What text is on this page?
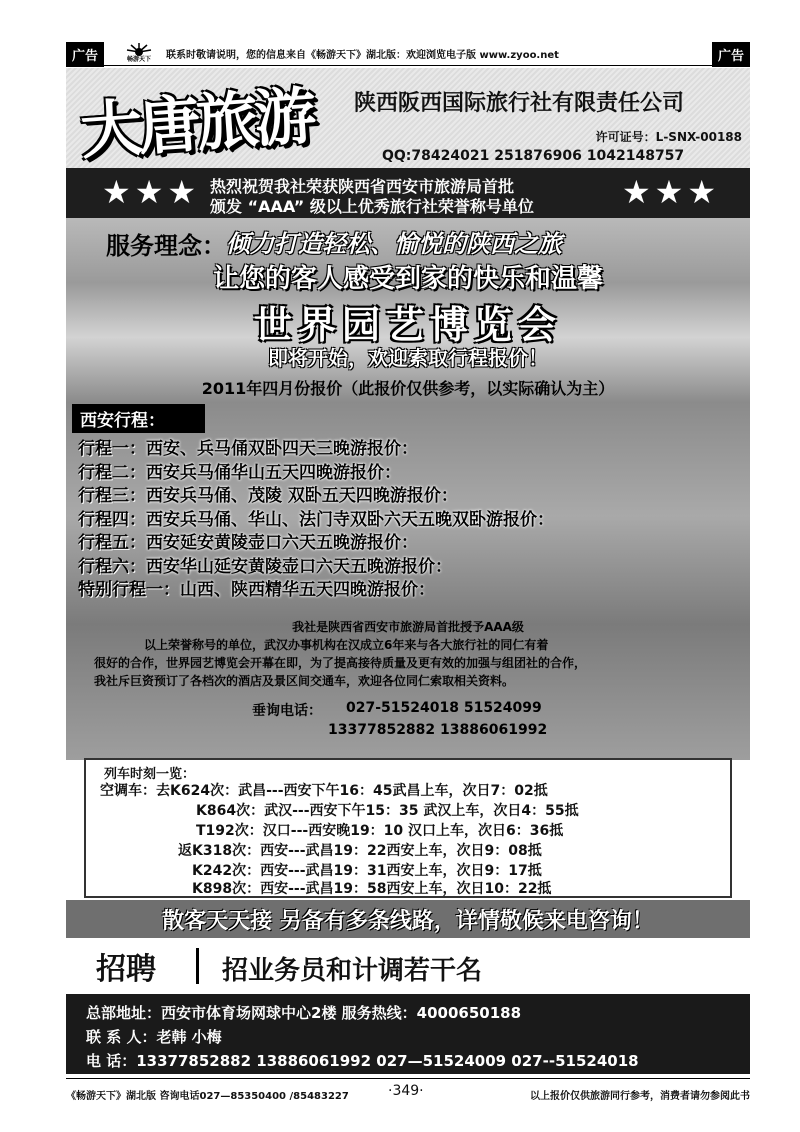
广告	畅游天下 联系时敬请说明，您的信息来自《畅游天下》湖北版：欢迎浏览电子版 www.zyoo.net	广告
大唐旅游 陕西阪西国际旅行社有限责任公司
许可证号：L-SNX-00188
QQ:78424021 251876906 1042148757
★★★ 热烈祝贺我社荣获陕西省西安市旅游局首批
颁发 “AAA” 级以上优秀旅行社荣誉称号单位	★★★
服务理念： 倾力打造轻松、愉悦的陕西之旅
让您的客人感受到家的快乐和温馨
世界园艺博览会
即将开始，欢迎索取行程报价！
2011年四月份报价（此报价仅供参考，以实际确认为主）
西安行程：
行程一：西安、兵马俑双卧四天三晚游报价：
行程二：西安兵马俑华山五天四晚游报价：
行程三：西安兵马俑、茂陵 双卧五天四晚游报价：
行程四：西安兵马俑、华山、法门寺双卧六天五晚双卧游报价：
行程五：西安延安黄陵壶口六天五晚游报价：
行程六：西安华山延安黄陵壶口六天五晚游报价：
特别行程一：山西、陕西精华五天四晚游报价：
我社是陕西省西安市旅游局首批授予AAA级
以上荣誉称号的单位，武汉办事机构在汉成立6年来与各大旅行社的同仁有着
很好的合作，世界园艺博览会开幕在即，为了提高接待质量及更有效的加强与组团社的合作，
我社斥巨资预订了各档次的酒店及景区间交通车，欢迎各位同仁索取相关资料。
垂询电话： 027-51524018 51524099
13377852882 13886061992
列车时刻一览：
空调车：去K624次：武昌---西安下午16：45武昌上车，次日7：02抵
K864次：武汉---西安下午15：35 武汉上车，次日4：55抵
T192次：汉口---西安晚19：10 汉口上车，次日6：36抵
返K318次：西安---武昌19：22西安上车，次日9：08抵
K242次：西安---武昌19：31西安上车，次日9：17抵
K898次：西安---武昌19：58西安上车，次日10：22抵
散客天天接 另备有多条线路，详情敬候来电咨询！
招聘	招业务员和计调若干名
总部地址：西安市体育场网球中心2楼 服务热线：4000650188
联 系 人：老韩 小梅
电 话：13377852882 13886061992 027—51524009 027--51524018
《畅游天下》湖北版 咨询电话027—85350400 /85483227	·349·	以上报价仅供旅游同行参考，消费者请勿参阅此书
